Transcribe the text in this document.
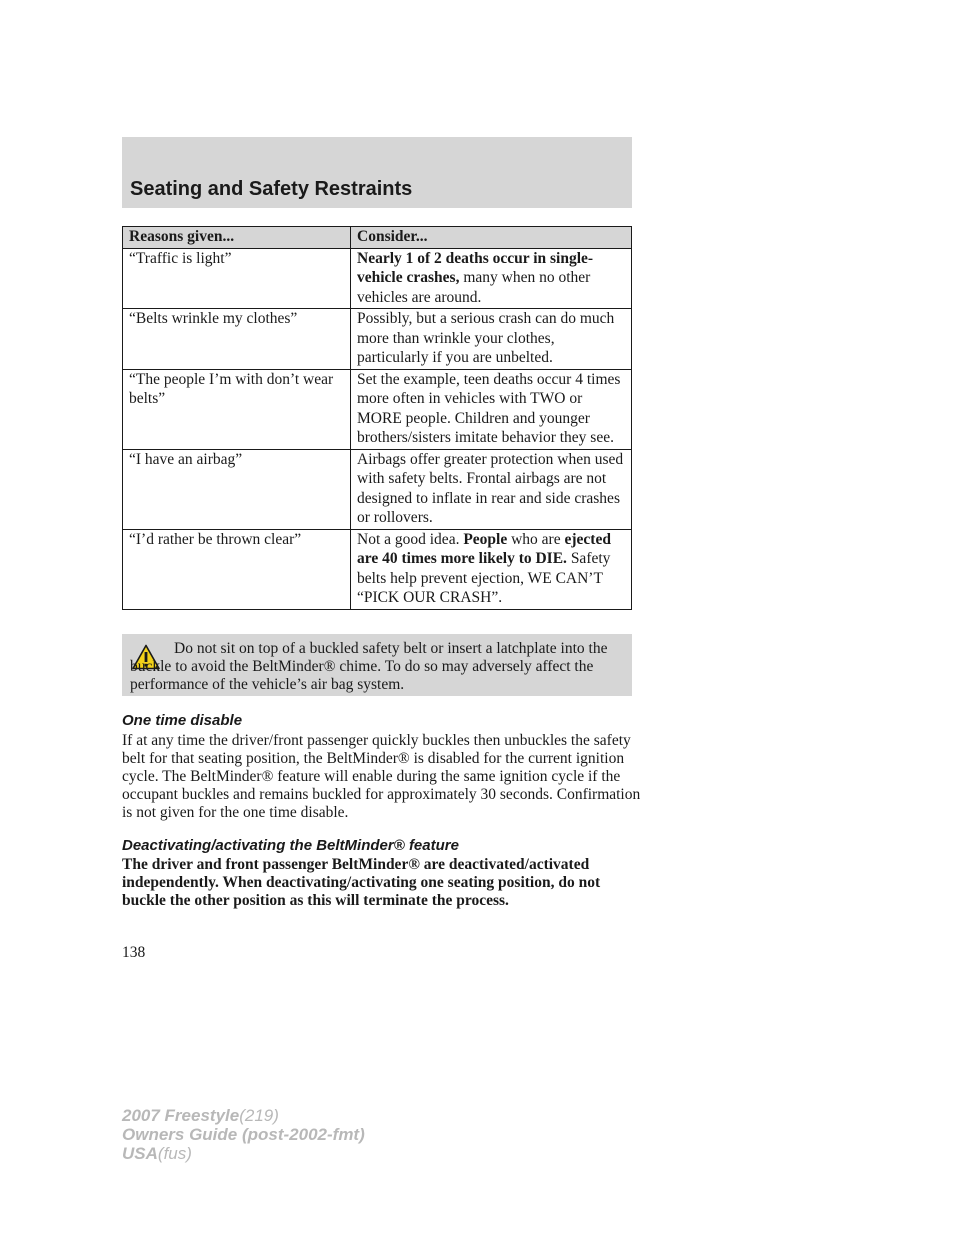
Seating and Safety Restraints
Reasons given...	Consider...
“Traffic is light”	Nearly 1 of 2 deaths occur in single-vehicle crashes, many when no other vehicles are around.
“Belts wrinkle my clothes”	Possibly, but a serious crash can do much more than wrinkle your clothes, particularly if you are unbelted.
“The people I’m with don’t wear belts”	Set the example, teen deaths occur 4 times more often in vehicles with TWO or MORE people. Children and younger brothers/sisters imitate behavior they see.
“I have an airbag”	Airbags offer greater protection when used with safety belts. Frontal airbags are not designed to inflate in rear and side crashes or rollovers.
“I’d rather be thrown clear”	Not a good idea. People who are ejected are 40 times more likely to DIE. Safety belts help prevent ejection, WE CAN’T “PICK OUR CRASH”.
Do not sit on top of a buckled safety belt or insert a latchplate into the buckle to avoid the BeltMinder® chime. To do so may adversely affect the performance of the vehicle’s air bag system.
One time disable
If at any time the driver/front passenger quickly buckles then unbuckles the safety belt for that seating position, the BeltMinder® is disabled for the current ignition cycle. The BeltMinder® feature will enable during the same ignition cycle if the occupant buckles and remains buckled for approximately 30 seconds. Confirmation is not given for the one time disable.
Deactivating/activating the BeltMinder® feature
The driver and front passenger BeltMinder® are deactivated/activated independently. When deactivating/activating one seating position, do not buckle the other position as this will terminate the process.
138
2007 Freestyle(219)
Owners Guide (post-2002-fmt)
USA(fus)
